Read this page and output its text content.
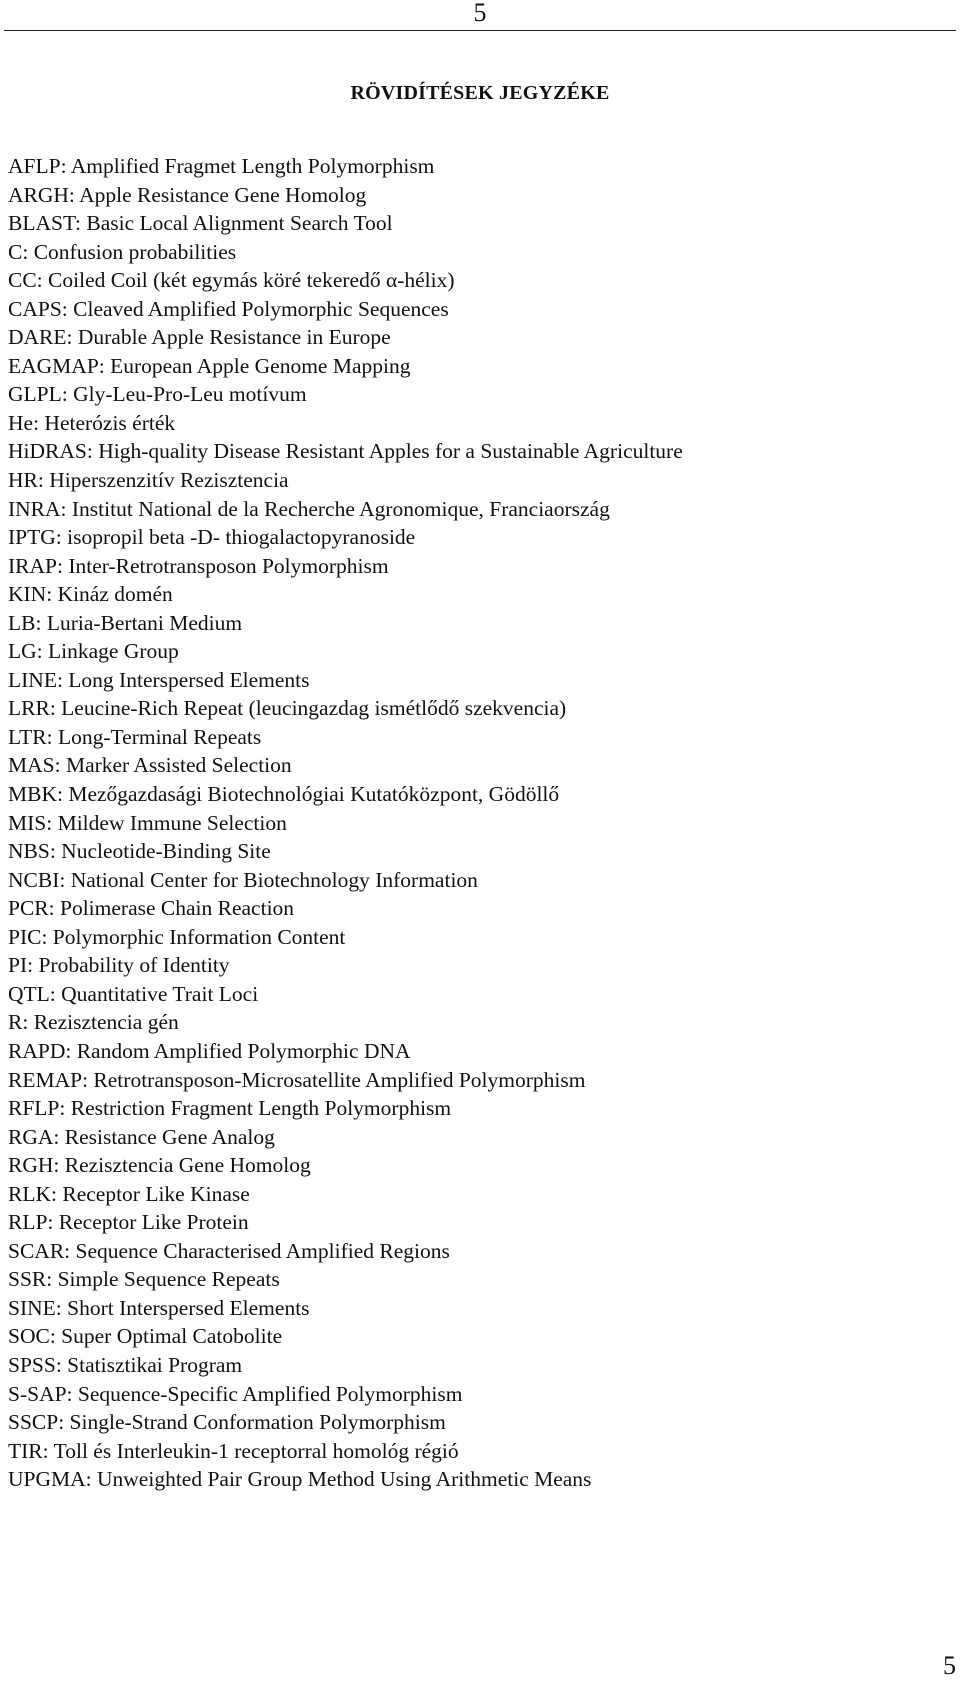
5
RÖVIDÍTÉSEK JEGYZÉKE
AFLP: Amplified Fragmet Length Polymorphism
ARGH: Apple Resistance Gene Homolog
BLAST: Basic Local Alignment Search Tool
C: Confusion probabilities
CC: Coiled Coil (két egymás köré tekeredő α-hélix)
CAPS: Cleaved Amplified Polymorphic Sequences
DARE: Durable Apple Resistance in Europe
EAGMAP: European Apple Genome Mapping
GLPL: Gly-Leu-Pro-Leu motívum
He: Heterózis érték
HiDRAS: High-quality Disease Resistant Apples for a Sustainable Agriculture
HR: Hiperszenzitív Rezisztencia
INRA: Institut National de la Recherche Agronomique, Franciaország
IPTG: isopropil beta -D- thiogalactopyranoside
IRAP: Inter-Retrotransposon Polymorphism
KIN: Kináz domén
LB: Luria-Bertani Medium
LG: Linkage Group
LINE: Long Interspersed Elements
LRR: Leucine-Rich Repeat (leucingazdag ismétlődő szekvencia)
LTR: Long-Terminal Repeats
MAS: Marker Assisted Selection
MBK: Mezőgazdasági Biotechnológiai Kutatóközpont, Gödöllő
MIS: Mildew Immune Selection
NBS: Nucleotide-Binding Site
NCBI: National Center for Biotechnology Information
PCR: Polimerase Chain Reaction
PIC: Polymorphic Information Content
PI: Probability of Identity
QTL: Quantitative Trait Loci
R: Rezisztencia gén
RAPD: Random Amplified Polymorphic DNA
REMAP: Retrotransposon-Microsatellite Amplified Polymorphism
RFLP: Restriction Fragment Length Polymorphism
RGA: Resistance Gene Analog
RGH: Rezisztencia Gene Homolog
RLK: Receptor Like Kinase
RLP: Receptor Like Protein
SCAR: Sequence Characterised Amplified Regions
SSR: Simple Sequence Repeats
SINE: Short Interspersed Elements
SOC: Super Optimal Catobolite
SPSS: Statisztikai Program
S-SAP: Sequence-Specific Amplified Polymorphism
SSCP: Single-Strand Conformation Polymorphism
TIR: Toll és Interleukin-1 receptorral homológ régió
UPGMA: Unweighted Pair Group Method Using Arithmetic Means
5
